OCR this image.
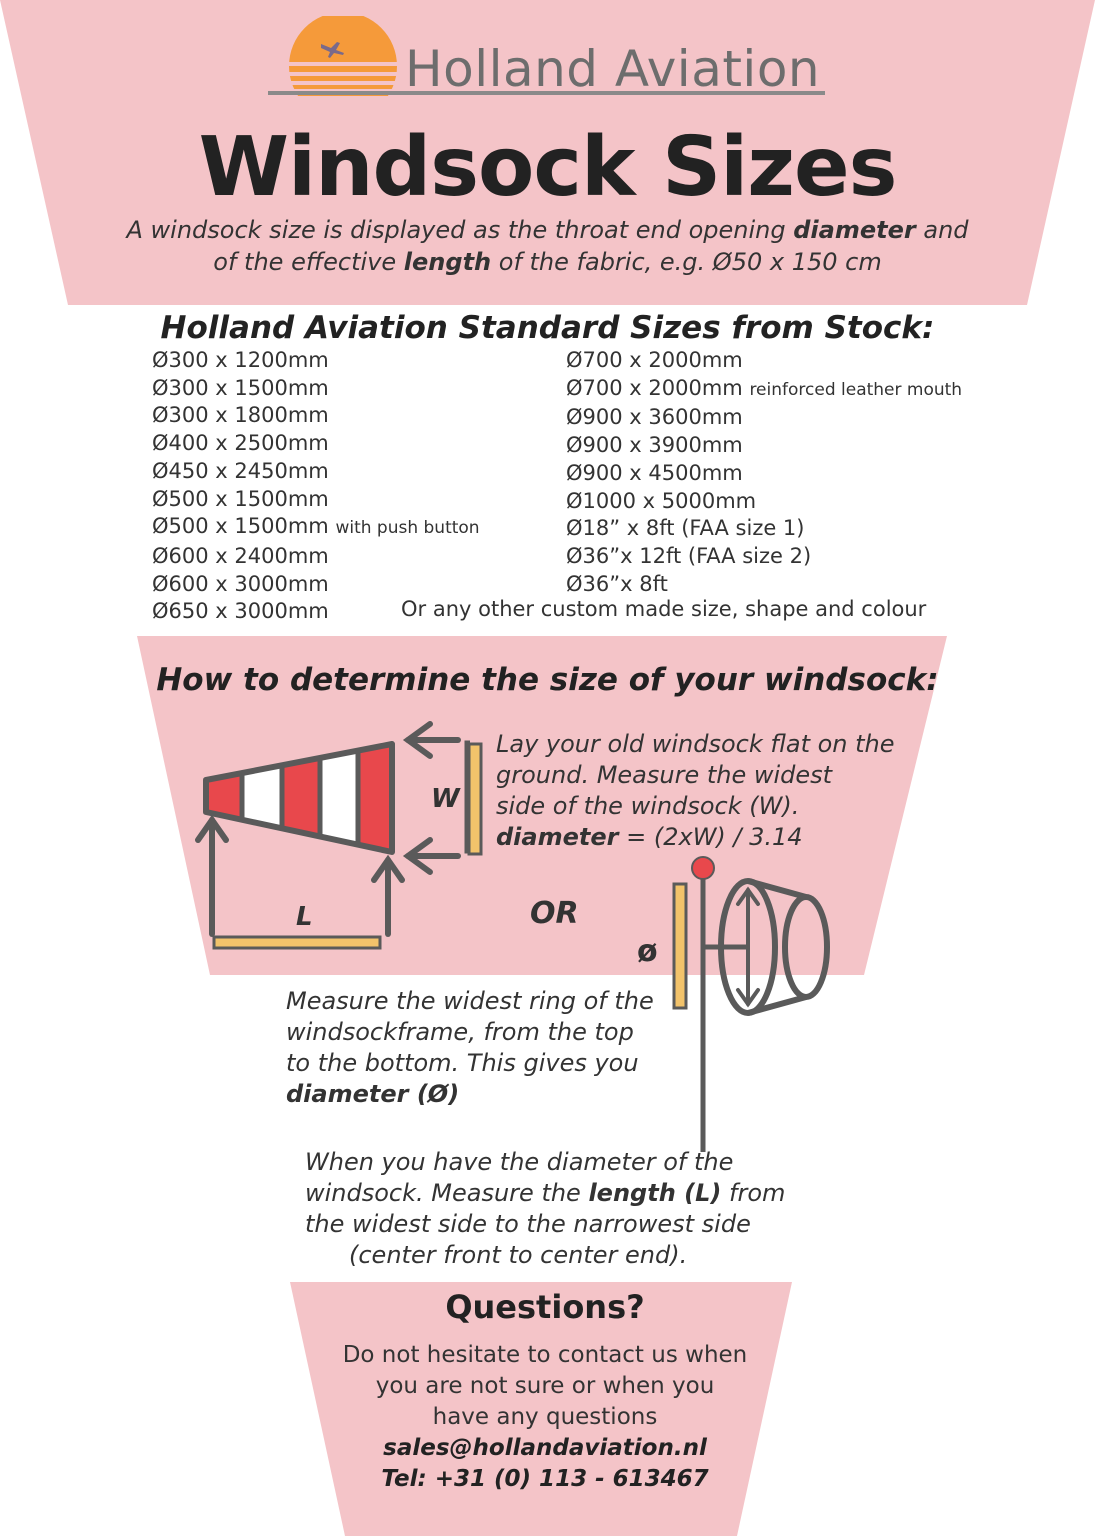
Holland Aviation
Windsock Sizes
A windsock size is displayed as the throat end opening diameter and
of the effective length of the fabric, e.g. Ø50 x 150 cm
Holland Aviation Standard Sizes from Stock:
Ø300 x 1200mm
Ø300 x 1500mm
Ø300 x 1800mm
Ø400 x 2500mm
Ø450 x 2450mm
Ø500 x 1500mm
Ø500 x 1500mm with push button
Ø600 x 2400mm
Ø600 x 3000mm
Ø650 x 3000mm
Ø700 x 2000mm
Ø700 x 2000mm reinforced leather mouth
Ø900 x 3600mm
Ø900 x 3900mm
Ø900 x 4500mm
Ø1000 x 5000mm
Ø18” x 8ft (FAA size 1)
Ø36”x 12ft (FAA size 2)
Ø36”x 8ft
Or any other custom made size, shape and colour
How to determine the size of your windsock:
W
L	OR
ø
Lay your old windsock flat on the
ground. Measure the widest
side of the windsock (W).
diameter = (2xW) / 3.14
Measure the widest ring of the
windsockframe, from the top
to the bottom. This gives you
diameter (Ø)
When you have the diameter of the
windsock. Measure the length (L) from
the widest side to the narrowest side
(center front to center end).
Questions?
Do not hesitate to contact us when
you are not sure or when you
have any questions
sales@hollandaviation.nl
Tel: +31 (0) 113 - 613467
